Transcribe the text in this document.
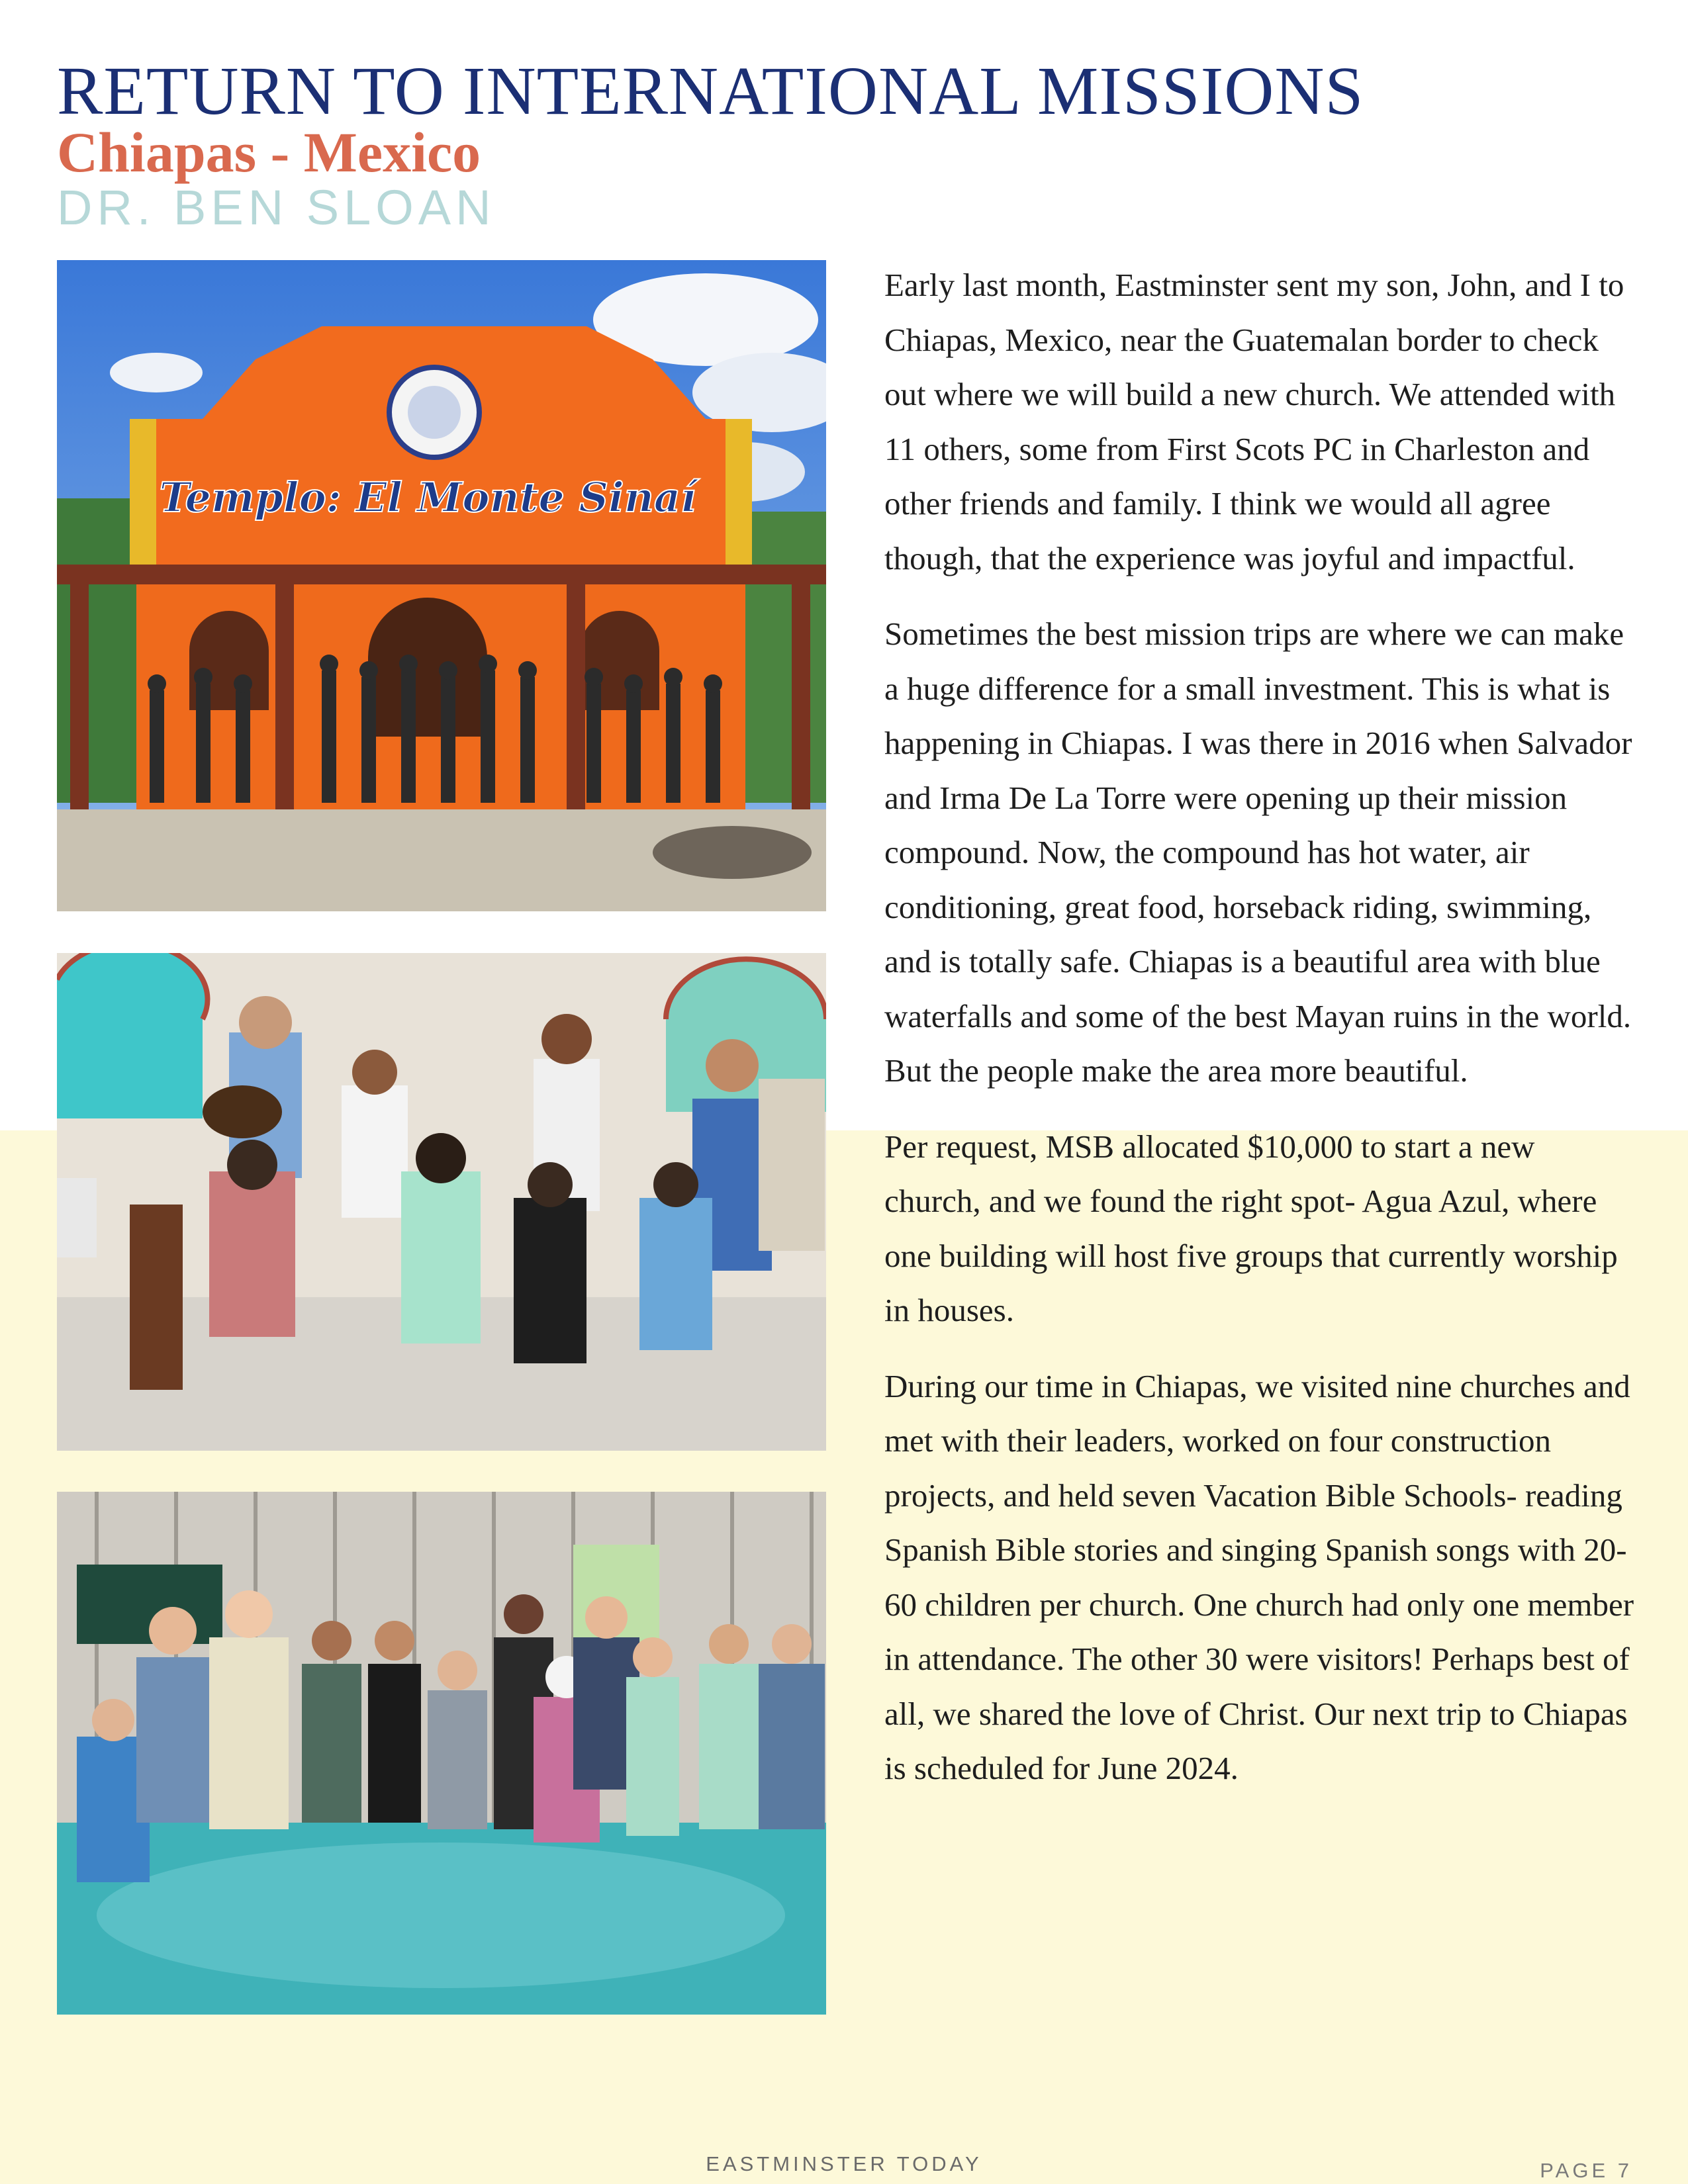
RETURN TO INTERNATIONAL MISSIONS
Chiapas - Mexico
DR. BEN SLOAN
Templo: El Monte Sinaí

Early last month, Eastminster sent my son, John, and I to Chiapas, Mexico, near the Guatemalan border to check out where we will build a new church. We attended with 11 others, some from First Scots PC in Charleston and other friends and family. I think we would all agree though, that the experience was joyful and impactful.

Sometimes the best mission trips are where we can make a huge difference for a small investment. This is what is happening in Chiapas. I was there in 2016 when Salvador and Irma De La Torre were opening up their mission compound. Now, the compound has hot water, air conditioning, great food, horseback riding, swimming, and is totally safe. Chiapas is a beautiful area with blue waterfalls and some of the best Mayan ruins in the world. But the people make the area more beautiful.

Per request, MSB allocated $10,000 to start a new church, and we found the right spot- Agua Azul, where one building will host five groups that currently worship in houses.

During our time in Chiapas, we visited nine churches and met with their leaders, worked on four construction projects, and held seven Vacation Bible Schools- reading Spanish Bible stories and singing Spanish songs with 20-60 children per church. One church had only one member in attendance. The other 30 were visitors! Perhaps best of all, we shared the love of Christ. Our next trip to Chiapas is scheduled for June 2024.

EASTMINSTER TODAY	PAGE 7
